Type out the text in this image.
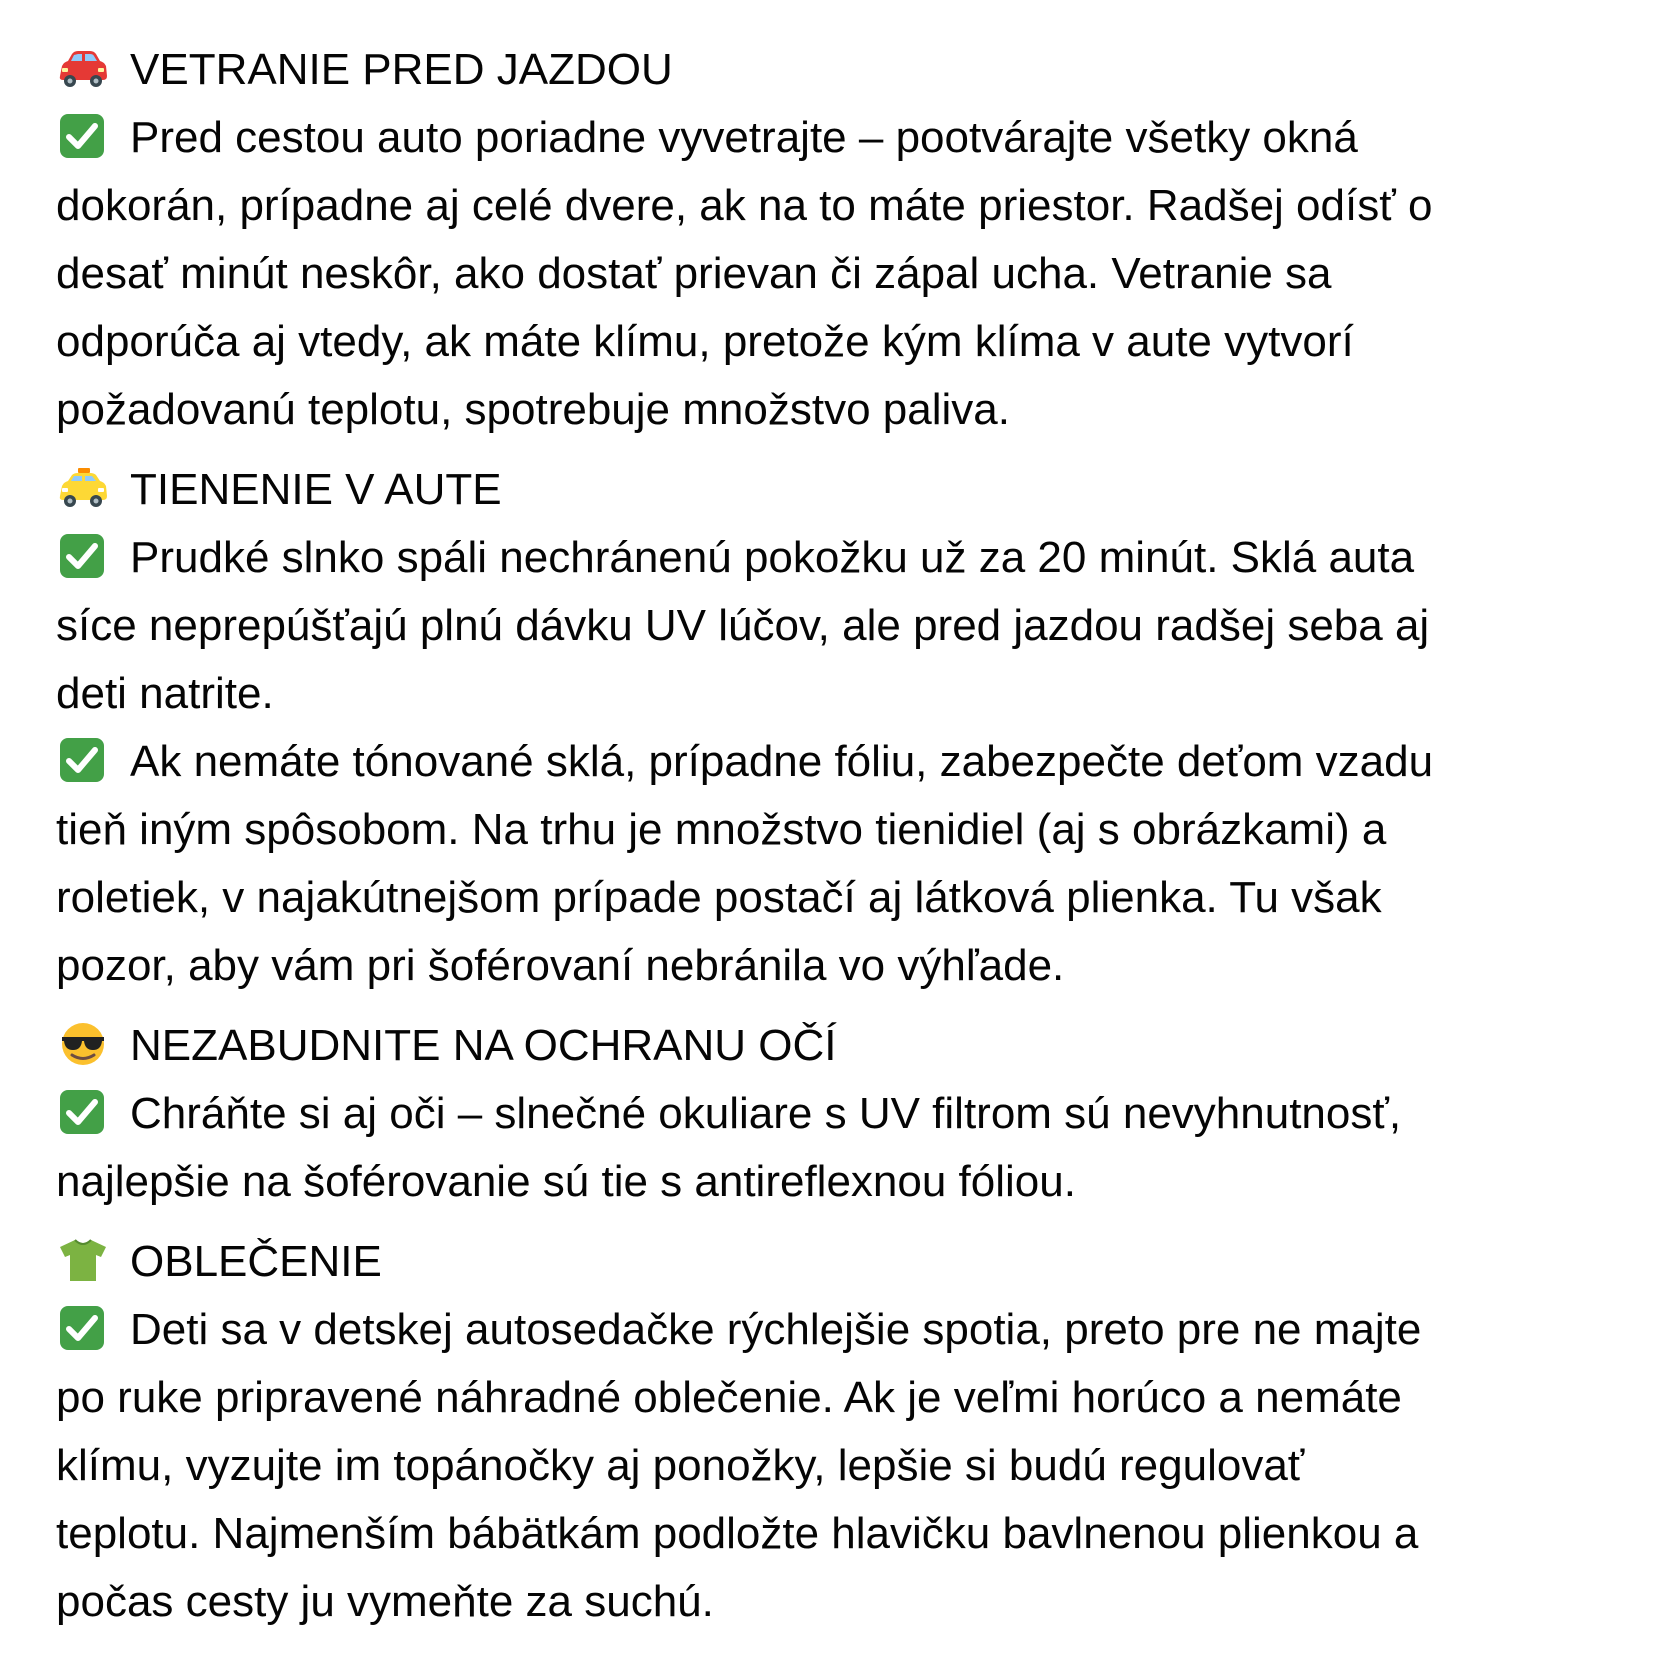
VETRANIE PRED JAZDOU
Pred cestou auto poriadne vyvetrajte – pootvárajte všetky okná
dokorán, prípadne aj celé dvere, ak na to máte priestor. Radšej odísť o
desať minút neskôr, ako dostať prievan či zápal ucha. Vetranie sa
odporúča aj vtedy, ak máte klímu, pretože kým klíma v aute vytvorí
požadovanú teplotu, spotrebuje množstvo paliva.
TIENENIE V AUTE
Prudké slnko spáli nechránenú pokožku už za 20 minút. Sklá auta
síce neprepúšťajú plnú dávku UV lúčov, ale pred jazdou radšej seba aj
deti natrite.
Ak nemáte tónované sklá, prípadne fóliu, zabezpečte deťom vzadu
tieň iným spôsobom. Na trhu je množstvo tienidiel (aj s obrázkami) a
roletiek, v najakútnejšom prípade postačí aj látková plienka. Tu však
pozor, aby vám pri šoférovaní nebránila vo výhľade.
NEZABUDNITE NA OCHRANU OČÍ
Chráňte si aj oči – slnečné okuliare s UV filtrom sú nevyhnutnosť,
najlepšie na šoférovanie sú tie s antireflexnou fóliou.
OBLEČENIE
Deti sa v detskej autosedačke rýchlejšie spotia, preto pre ne majte
po ruke pripravené náhradné oblečenie. Ak je veľmi horúco a nemáte
klímu, vyzujte im topánočky aj ponožky, lepšie si budú regulovať
teplotu. Najmenším bábätkám podložte hlavičku bavlnenou plienkou a
počas cesty ju vymeňte za suchú.
